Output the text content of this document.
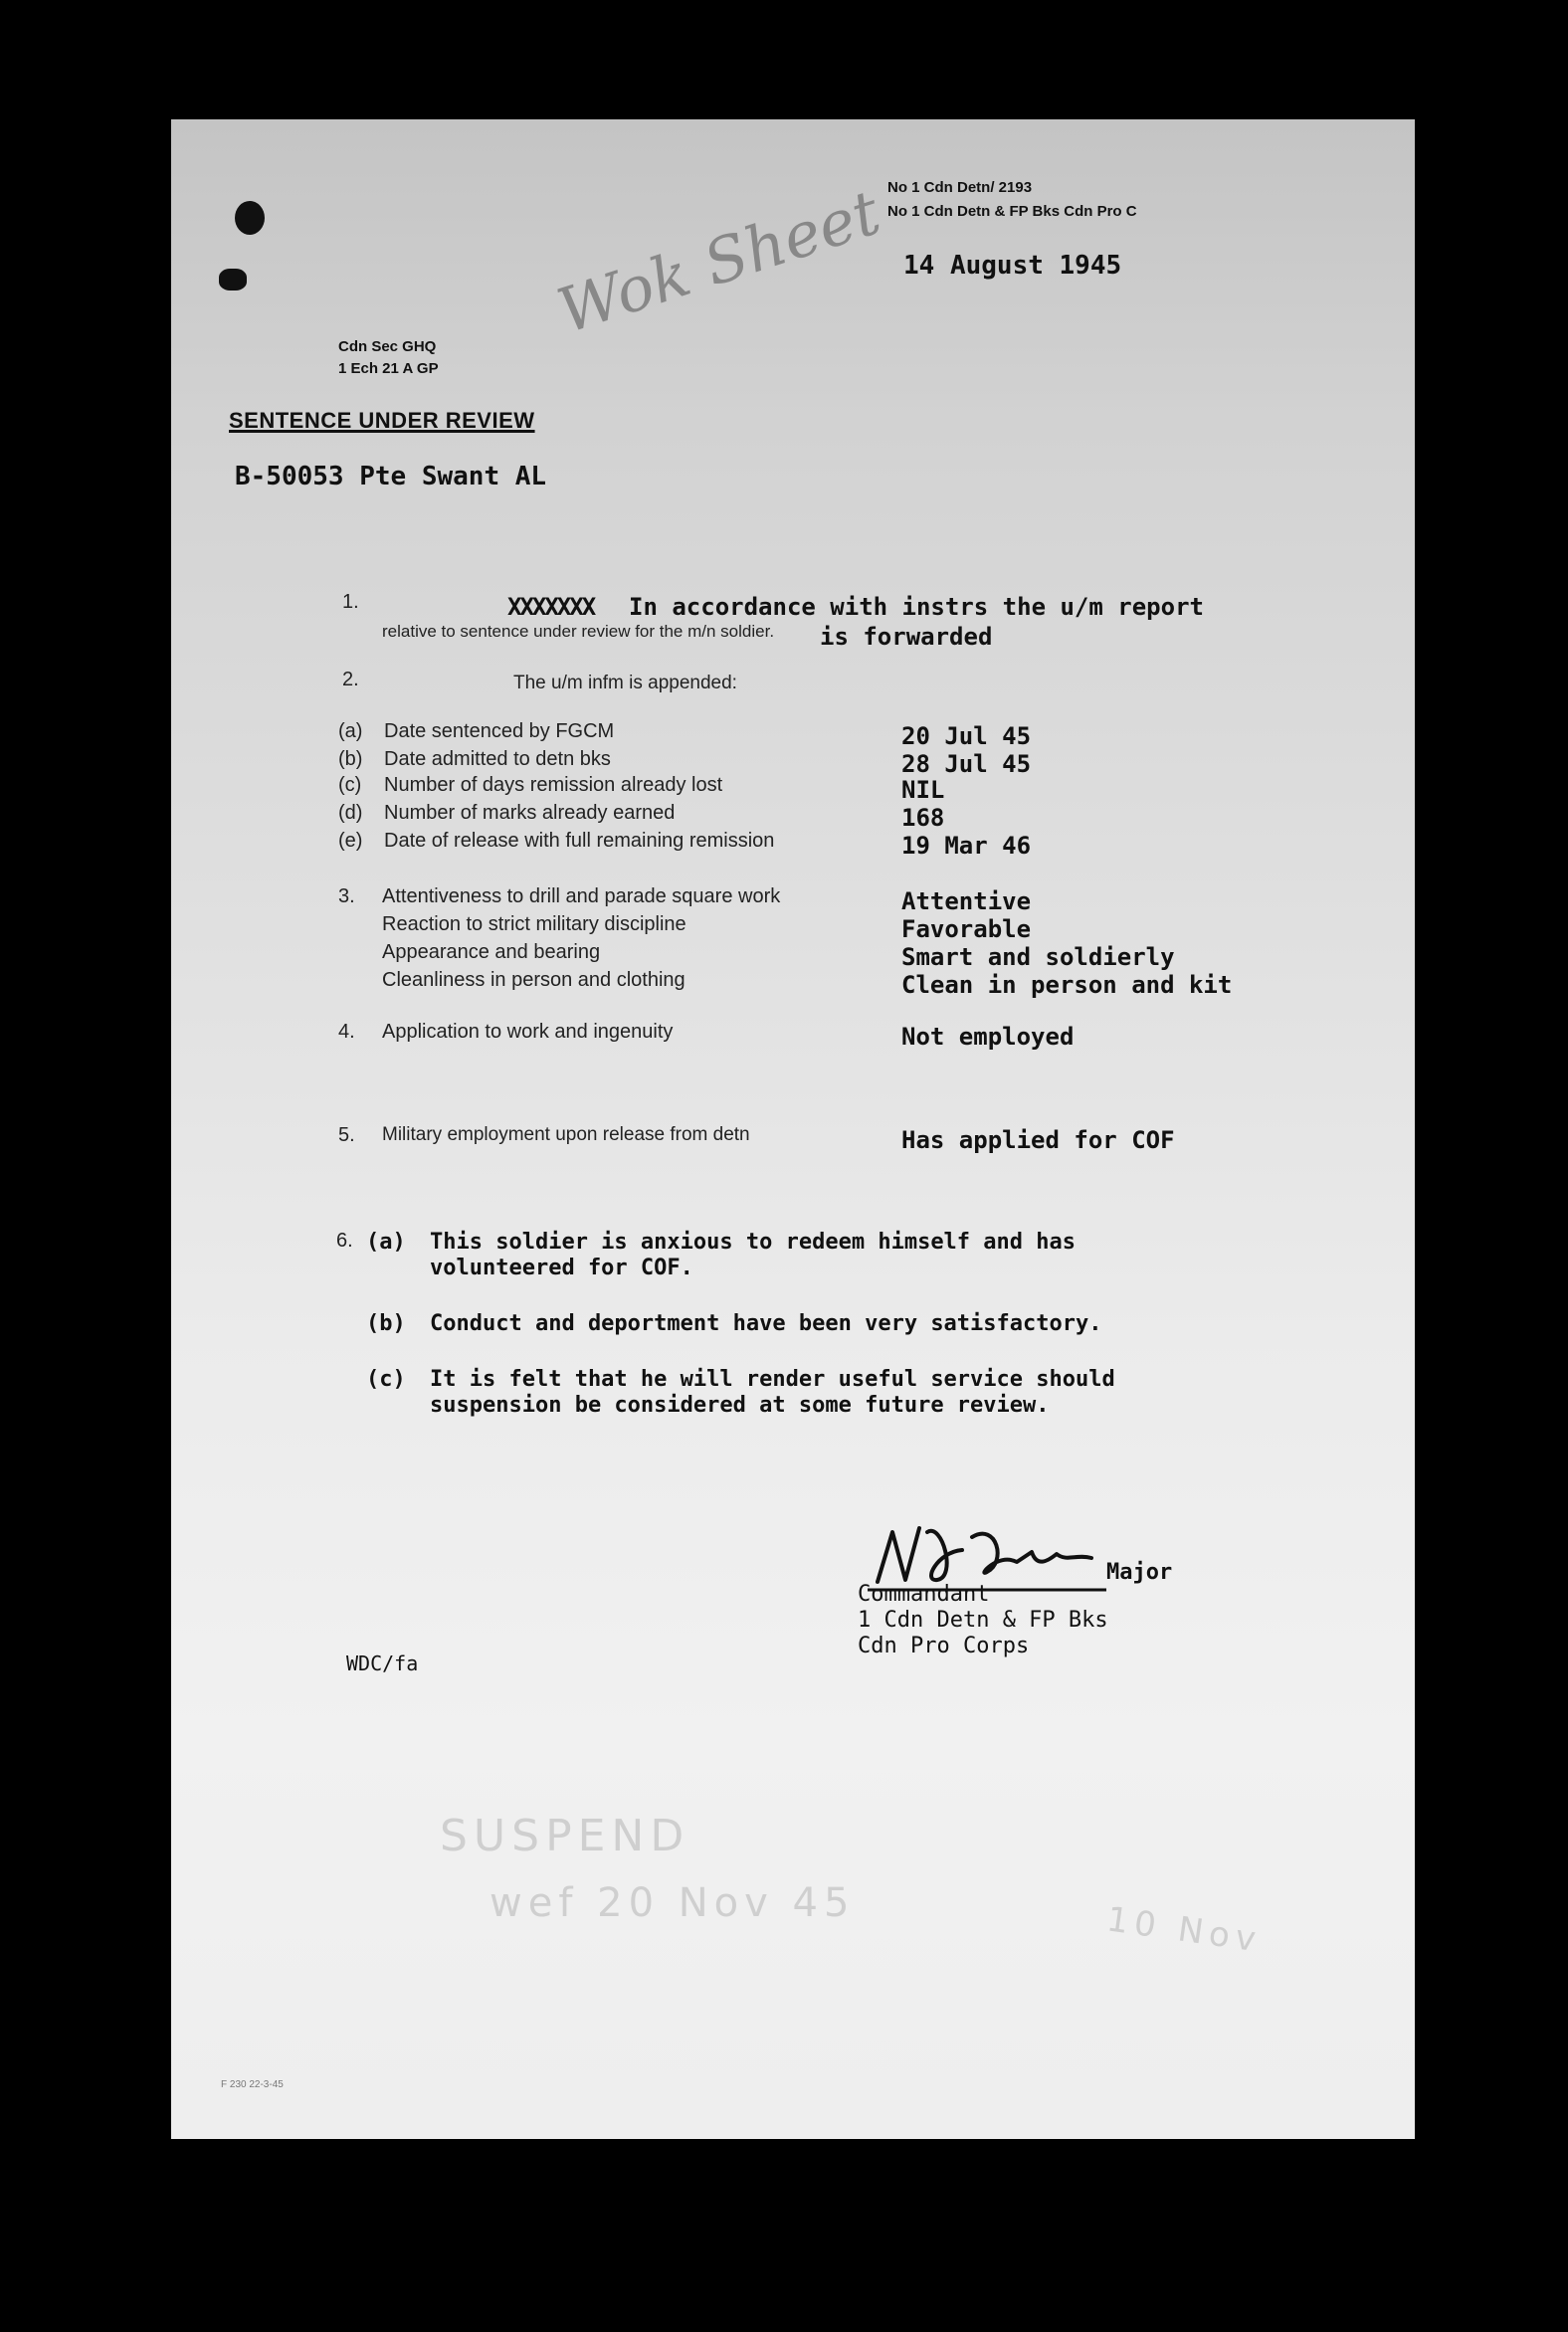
No 1 Cdn Detn/ 2193
No 1 Cdn Detn & FP Bks Cdn Pro C
14 August 1945
Wok Sheet
Cdn Sec GHQ
1 Ech 21 A GP
SENTENCE UNDER REVIEW
B-50053 Pte Swant AL
1.	XXXXXXX In accordance with instrs the u/m report
relative to sentence under review for the m/n soldier. is forwarded
2.	The u/m infm is appended:
(a) Date sentenced by FGCM	20 Jul 45
(b) Date admitted to detn bks	28 Jul 45
(c) Number of days remission already lost	NIL
(d) Number of marks already earned	168
(e) Date of release with full remaining remission	19 Mar 46
3. Attentiveness to drill and parade square work	Attentive
Reaction to strict military discipline	Favorable
Appearance and bearing	Smart and soldierly
Cleanliness in person and clothing	Clean in person and kit
4. Application to work and ingenuity	Not employed
5. Military employment upon release from detn	Has applied for COF
6. (a) This soldier is anxious to redeem himself and has
volunteered for COF.
(b) Conduct and deportment have been very satisfactory.
(c) It is felt that he will render useful service should
suspension be considered at some future review.
Major
Commandant
1 Cdn Detn & FP Bks
Cdn Pro Corps
WDC/fa
SUSPEND
wef 20 Nov 45	10 Nov
F 230 22-3-45
